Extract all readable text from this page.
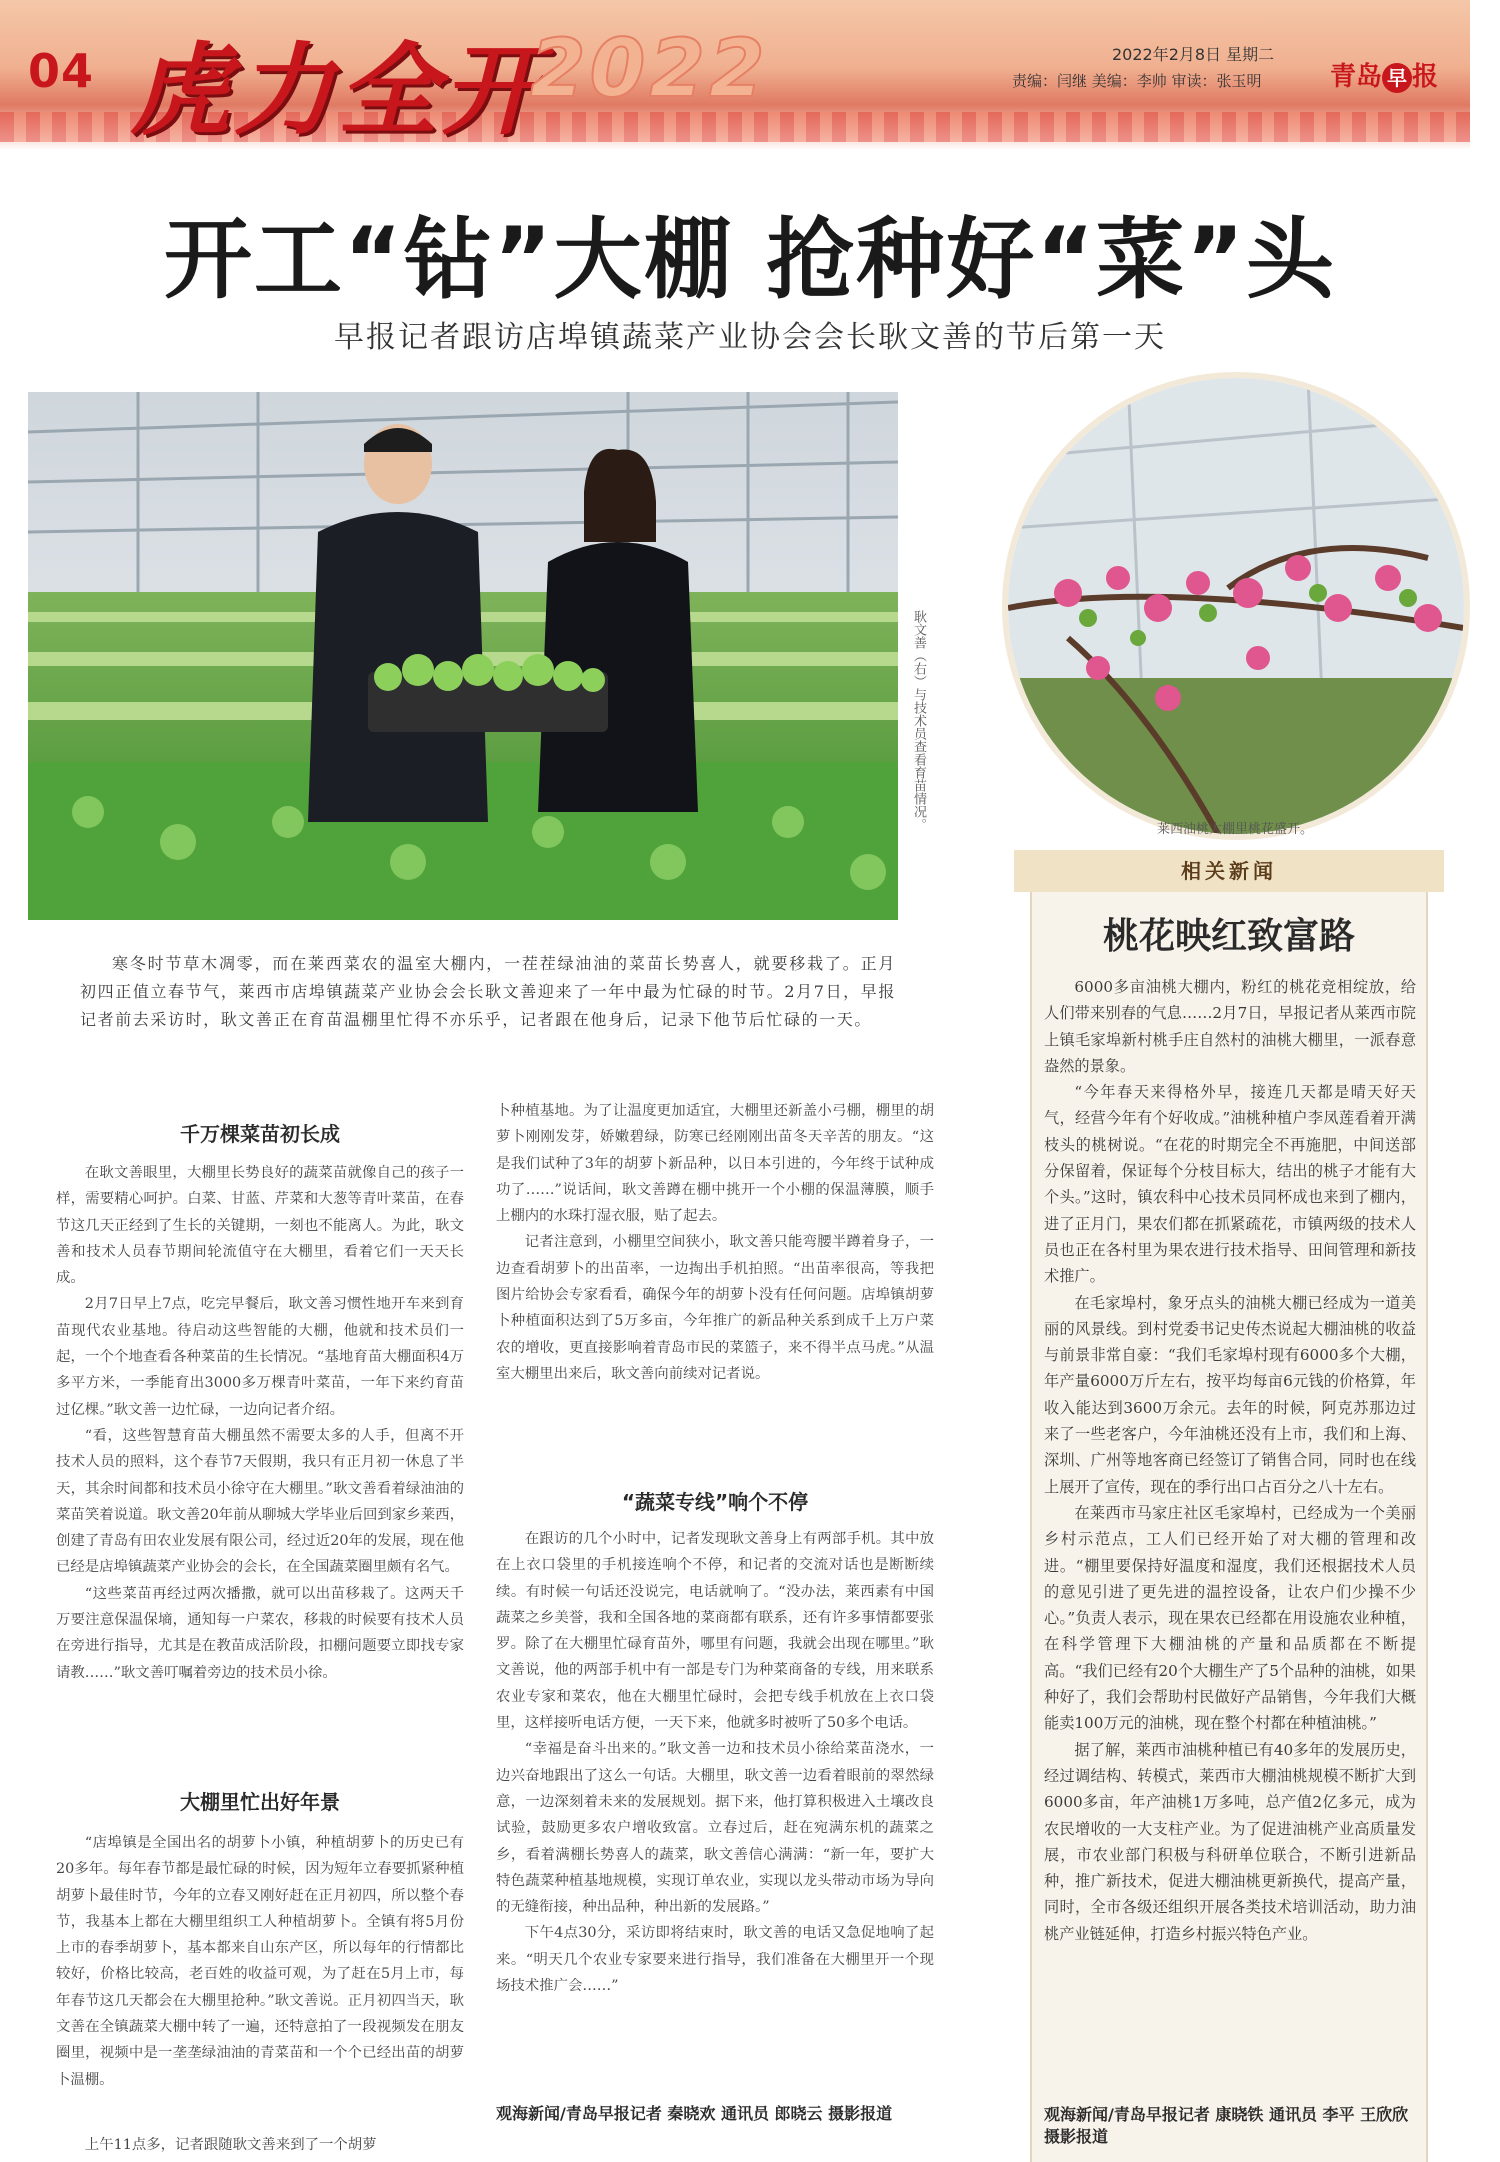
04 虎力全开
2022	2022年2月8日 星期二
责编：闫继 美编：李帅 审读：张玉明	青岛 早 报
开工“钻”大棚 抢种好“菜”头
早报记者跟访店埠镇蔬菜产业协会会长耿文善的节后第一天
耿文善（右）与技术员查看育苗情况。	莱西油桃大棚里桃花盛开。
相关新闻
桃花映红致富路

6000多亩油桃大棚内，粉红的桃花竞相绽放，给人们带来别春的气息……2月7日，早报记者从莱西市院上镇毛家埠新村桃手庄自然村的油桃大棚里，一派春意盎然的景象。

“今年春天来得格外早，接连几天都是晴天好天气，经营今年有个好收成。”油桃种植户李凤莲看着开满枝头的桃树说。“在花的时期完全不再施肥，中间送部分保留着，保证每个分枝目标大，结出的桃子才能有大个头。”这时，镇农科中心技术员同杯成也来到了棚内，进了正月门，果农们都在抓紧疏花，市镇两级的技术人员也正在各村里为果农进行技术指导、田间管理和新技术推广。

在毛家埠村，象牙点头的油桃大棚已经成为一道美丽的风景线。到村党委书记史传杰说起大棚油桃的收益与前景非常自豪：“我们毛家埠村现有6000多个大棚，年产量6000万斤左右，按平均每亩6元钱的价格算，年收入能达到3600万余元。去年的时候，阿克苏那边过来了一些老客户，今年油桃还没有上市，我们和上海、深圳、广州等地客商已经签订了销售合同，同时也在线上展开了宣传，现在的季行出口占百分之八十左右。

在莱西市马家庄社区毛家埠村，已经成为一个美丽乡村示范点，工人们已经开始了对大棚的管理和改进。“棚里要保持好温度和湿度，我们还根据技术人员的意见引进了更先进的温控设备，让农户们少操不少心。”负责人表示，现在果农已经都在用设施农业种植，在科学管理下大棚油桃的产量和品质都在不断提高。“我们已经有20个大棚生产了5个品种的油桃，如果种好了，我们会帮助村民做好产品销售，今年我们大概能卖100万元的油桃，现在整个村都在种植油桃。”

据了解，莱西市油桃种植已有40多年的发展历史，经过调结构、转模式，莱西市大棚油桃规模不断扩大到6000多亩，年产油桃1万多吨，总产值2亿多元，成为农民增收的一大支柱产业。为了促进油桃产业高质量发展，市农业部门积极与科研单位联合，不断引进新品种，推广新技术，促进大棚油桃更新换代，提高产量，同时，全市各级还组织开展各类技术培训活动，助力油桃产业链延伸，打造乡村振兴特色产业。

观海新闻/青岛早报记者 康晓铁 通讯员 李平 王欣欣 摄影报道
寒冬时节草木凋零，而在莱西菜农的温室大棚内，一茬茬绿油油的菜苗长势喜人，就要移栽了。正月初四正值立春节气，莱西市店埠镇蔬菜产业协会会长耿文善迎来了一年中最为忙碌的时节。2月7日，早报记者前去采访时，耿文善正在育苗温棚里忙得不亦乐乎，记者跟在他身后，记录下他节后忙碌的一天。

千万棵菜苗初长成

在耿文善眼里，大棚里长势良好的蔬菜苗就像自己的孩子一样，需要精心呵护。白菜、甘蓝、芹菜和大葱等青叶菜苗，在春节这几天正经到了生长的关键期，一刻也不能离人。为此，耿文善和技术人员春节期间轮流值守在大棚里，看着它们一天天长成。

2月7日早上7点，吃完早餐后，耿文善习惯性地开车来到育苗现代农业基地。待启动这些智能的大棚，他就和技术员们一起，一个个地查看各种菜苗的生长情况。“基地育苗大棚面积4万多平方米，一季能育出3000多万棵青叶菜苗，一年下来约育苗过亿棵。”耿文善一边忙碌，一边向记者介绍。

“看，这些智慧育苗大棚虽然不需要太多的人手，但离不开技术人员的照料，这个春节7天假期，我只有正月初一休息了半天，其余时间都和技术员小徐守在大棚里。”耿文善看着绿油油的菜苗笑着说道。耿文善20年前从聊城大学毕业后回到家乡莱西，创建了青岛有田农业发展有限公司，经过近20年的发展，现在他已经是店埠镇蔬菜产业协会的会长，在全国蔬菜圈里颇有名气。

“这些菜苗再经过两次播撒，就可以出苗移栽了。这两天千万要注意保温保墒，通知每一户菜农，移栽的时候要有技术人员在旁进行指导，尤其是在教苗成活阶段，扣棚问题要立即找专家请教……”耿文善叮嘱着旁边的技术员小徐。

大棚里忙出好年景

“店埠镇是全国出名的胡萝卜小镇，种植胡萝卜的历史已有20多年。每年春节都是最忙碌的时候，因为短年立春要抓紧种植胡萝卜最佳时节，今年的立春又刚好赶在正月初四，所以整个春节，我基本上都在大棚里组织工人种植胡萝卜。全镇有将5月份上市的春季胡萝卜，基本都来自山东产区，所以每年的行情都比较好，价格比较高，老百姓的收益可观，为了赶在5月上市，每年春节这几天都会在大棚里抢种。”耿文善说。正月初四当天，耿文善在全镇蔬菜大棚中转了一遍，还特意拍了一段视频发在朋友圈里，视频中是一垄垄绿油油的青菜苗和一个个已经出苗的胡萝卜温棚。

上午11点多，记者跟随耿文善来到了一个胡萝

卜种植基地。为了让温度更加适宜，大棚里还新盖小弓棚，棚里的胡萝卜刚刚发芽，娇嫩碧绿，防寒已经刚刚出苗冬天辛苦的朋友。“这是我们试种了3年的胡萝卜新品种，以日本引进的，今年终于试种成功了……”说话间，耿文善蹲在棚中挑开一个小棚的保温薄膜，顺手上棚内的水珠打湿衣服，贴了起去。

记者注意到，小棚里空间狭小，耿文善只能弯腰半蹲着身子，一边查看胡萝卜的出苗率，一边掏出手机拍照。“出苗率很高，等我把图片给协会专家看看，确保今年的胡萝卜没有任何问题。店埠镇胡萝卜种植面积达到了5万多亩，今年推广的新品种关系到成千上万户菜农的增收，更直接影响着青岛市民的菜篮子，来不得半点马虎。”从温室大棚里出来后，耿文善向前续对记者说。

“蔬菜专线”响个不停

在跟访的几个小时中，记者发现耿文善身上有两部手机。其中放在上衣口袋里的手机接连响个不停，和记者的交流对话也是断断续续。有时候一句话还没说完，电话就响了。“没办法，莱西素有中国蔬菜之乡美誉，我和全国各地的菜商都有联系，还有许多事情都要张罗。除了在大棚里忙碌育苗外，哪里有问题，我就会出现在哪里。”耿文善说，他的两部手机中有一部是专门为种菜商备的专线，用来联系农业专家和菜农，他在大棚里忙碌时，会把专线手机放在上衣口袋里，这样接听电话方便，一天下来，他就多时被听了50多个电话。

“幸福是奋斗出来的。”耿文善一边和技术员小徐给菜苗浇水，一边兴奋地跟出了这么一句话。大棚里，耿文善一边看着眼前的翠然绿意，一边深刻着未来的发展规划。据下来，他打算积极进入土壤改良试验，鼓励更多农户增收致富。立春过后，赶在宛满东机的蔬菜之乡，看着满棚长势喜人的蔬菜，耿文善信心满满：“新一年，要扩大特色蔬菜种植基地规模，实现订单农业，实现以龙头带动市场为导向的无缝衔接，种出品种，种出新的发展路。”

下午4点30分，采访即将结束时，耿文善的电话又急促地响了起来。“明天几个农业专家要来进行指导，我们准备在大棚里开一个现场技术推广会……”

观海新闻/青岛早报记者 秦晓欢 通讯员 郎晓云 摄影报道
